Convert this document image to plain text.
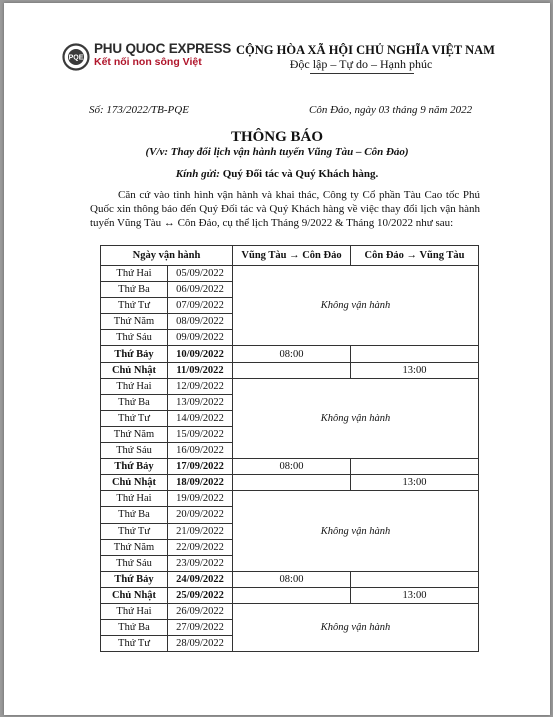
PQE
PHU QUOC EXPRESS
Kết nối non sông Việt
CỘNG HÒA XÃ HỘI CHỦ NGHĨA VIỆT NAM
Độc lập – Tự do – Hạnh phúc
Số: 173/2022/TB-PQE	Côn Đảo, ngày 03 tháng 9 năm 2022
THÔNG BÁO
(V/v: Thay đổi lịch vận hành tuyến Vũng Tàu – Côn Đảo)
Kính gửi: Quý Đối tác và Quý Khách hàng.

Căn cứ vào tình hình vận hành và khai thác, Công ty Cổ phần Tàu Cao tốc Phú Quốc xin thông báo đến Quý Đối tác và Quý Khách hàng về việc thay đổi lịch vận hành tuyến Vũng Tàu ↔ Côn Đảo, cụ thể lịch Tháng 9/2022 & Tháng 10/2022 như sau:

Ngày vận hành		Vũng Tàu → Côn Đảo	Côn Đảo → Vũng Tàu
Thứ Hai	05/09/2022	Không vận hành	
Thứ Ba	06/09/2022		
Thứ Tư	07/09/2022		
Thứ Năm	08/09/2022		
Thứ Sáu	09/09/2022		
Thứ Bảy	10/09/2022	08:00	
Chủ Nhật	11/09/2022		13:00
Thứ Hai	12/09/2022	Không vận hành	
Thứ Ba	13/09/2022		
Thứ Tư	14/09/2022		
Thứ Năm	15/09/2022		
Thứ Sáu	16/09/2022		
Thứ Bảy	17/09/2022	08:00	
Chủ Nhật	18/09/2022		13:00
Thứ Hai	19/09/2022	Không vận hành	
Thứ Ba	20/09/2022		
Thứ Tư	21/09/2022		
Thứ Năm	22/09/2022		
Thứ Sáu	23/09/2022		
Thứ Bảy	24/09/2022	08:00	
Chủ Nhật	25/09/2022		13:00
Thứ Hai	26/09/2022	Không vận hành	
Thứ Ba	27/09/2022		
Thứ Tư	28/09/2022		
